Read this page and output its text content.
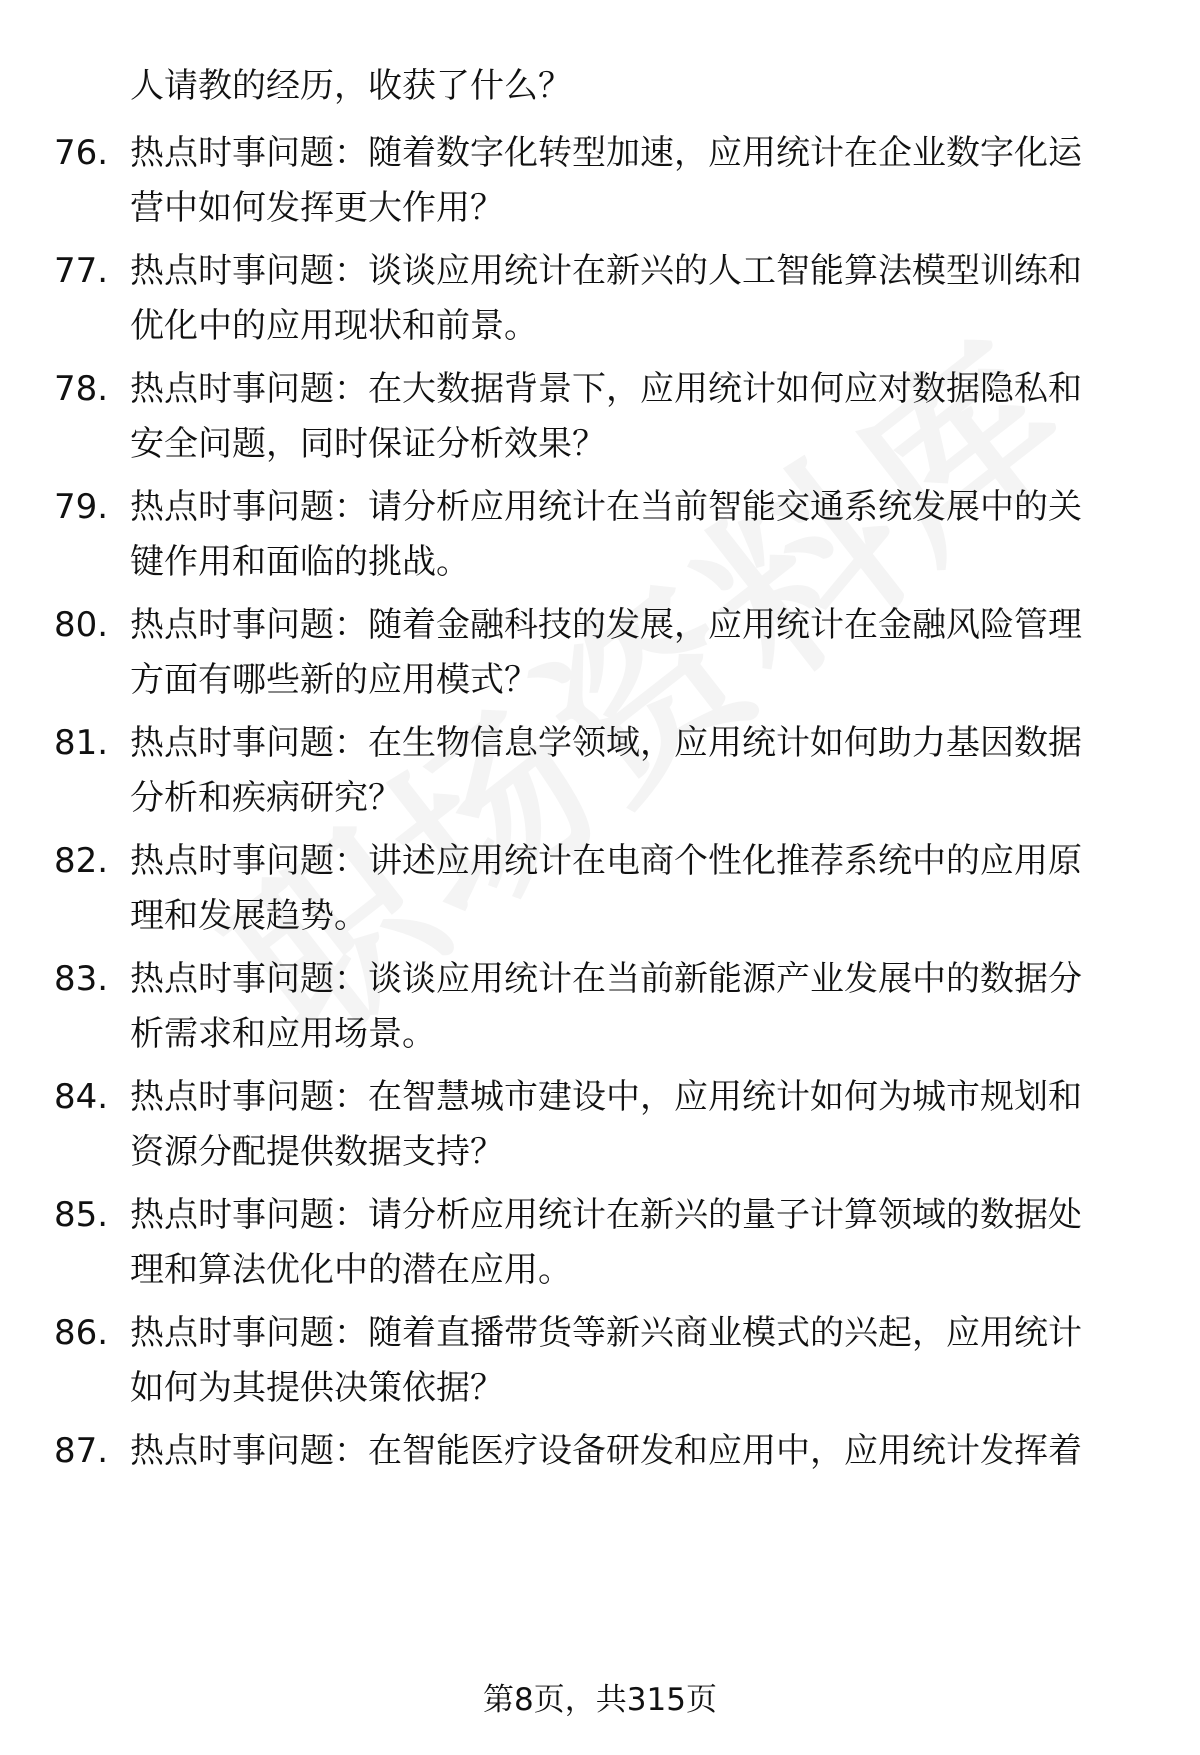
人请教的经历，收获了什么？
76. 热点时事问题：随着数字化转型加速，应用统计在企业数字化运
营中如何发挥更大作用？
77. 热点时事问题：谈谈应用统计在新兴的人工智能算法模型训练和
优化中的应用现状和前景。
78. 热点时事问题：在大数据背景下，应用统计如何应对数据隐私和
安全问题，同时保证分析效果？
79. 热点时事问题：请分析应用统计在当前智能交通系统发展中的关
键作用和面临的挑战。
80. 热点时事问题：随着金融科技的发展，应用统计在金融风险管理
方面有哪些新的应用模式？
81. 热点时事问题：在生物信息学领域，应用统计如何助力基因数据
分析和疾病研究？
82. 热点时事问题：讲述应用统计在电商个性化推荐系统中的应用原
理和发展趋势。
83. 热点时事问题：谈谈应用统计在当前新能源产业发展中的数据分
析需求和应用场景。
84. 热点时事问题：在智慧城市建设中，应用统计如何为城市规划和
资源分配提供数据支持？
85. 热点时事问题：请分析应用统计在新兴的量子计算领域的数据处
理和算法优化中的潜在应用。
86. 热点时事问题：随着直播带货等新兴商业模式的兴起，应用统计
如何为其提供决策依据？
87. 热点时事问题：在智能医疗设备研发和应用中，应用统计发挥着
第8页，共315页
